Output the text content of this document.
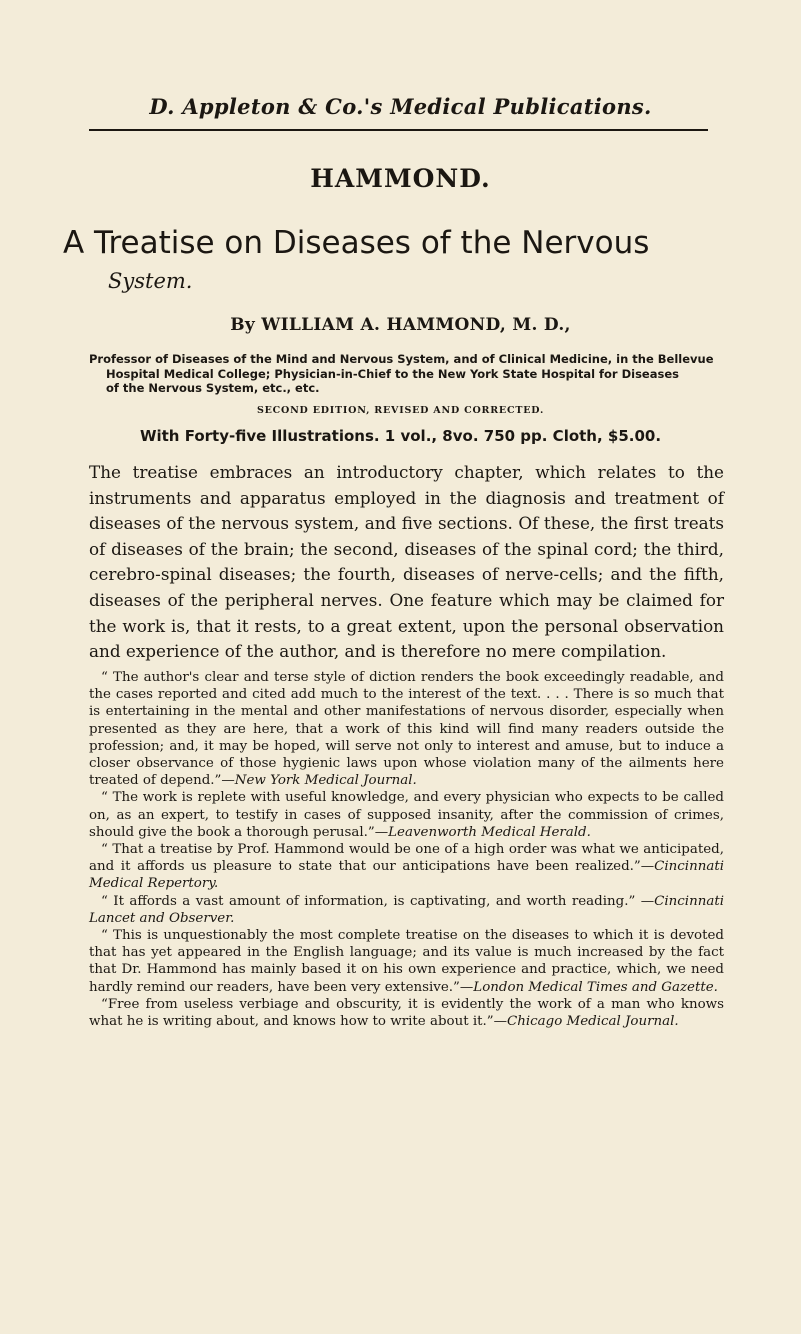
D. Appleton & Co.'s Medical Publications.
HAMMOND.
A Treatise on Diseases of the Nervous
System.
By WILLIAM A. HAMMOND, M. D.,
Professor of Diseases of the Mind and Nervous System, and of Clinical Medicine, in the Bellevue
Hospital Medical College; Physician-in-Chief to the New York State Hospital for Diseases
of the Nervous System, etc., etc.
SECOND EDITION, REVISED AND CORRECTED.
With Forty-five Illustrations. 1 vol., 8vo. 750 pp. Cloth, $5.00.
The treatise embraces an introductory chapter, which relates to the instruments and apparatus employed in the diagnosis and treatment of diseases of the nervous system, and five sections. Of these, the first treats of diseases of the brain; the second, diseases of the spinal cord; the third, cerebro-spinal diseases; the fourth, diseases of nerve-cells; and the fifth, diseases of the peripheral nerves. One feature which may be claimed for the work is, that it rests, to a great extent, upon the personal observation and experience of the author, and is therefore no mere compilation.

“ The author's clear and terse style of diction renders the book exceedingly readable, and the cases reported and cited add much to the interest of the text. . . . There is so much that is entertaining in the mental and other manifestations of nervous disorder, especially when presented as they are here, that a work of this kind will find many readers outside the profession; and, it may be hoped, will serve not only to interest and amuse, but to induce a closer observance of those hygienic laws upon whose violation many of the ailments here treated of depend.”—New York Medical Journal.

“ The work is replete with useful knowledge, and every physician who expects to be called on, as an expert, to testify in cases of supposed insanity, after the commission of crimes, should give the book a thorough perusal.”—Leavenworth Medical Herald.

“ That a treatise by Prof. Hammond would be one of a high order was what we anticipated, and it affords us pleasure to state that our anticipations have been realized.”—Cincinnati Medical Repertory.

“ It affords a vast amount of information, is captivating, and worth reading.” —Cincinnati Lancet and Observer.

“ This is unquestionably the most complete treatise on the diseases to which it is devoted that has yet appeared in the English language; and its value is much increased by the fact that Dr. Hammond has mainly based it on his own experience and practice, which, we need hardly remind our readers, have been very extensive.”—London Medical Times and Gazette.

“Free from useless verbiage and obscurity, it is evidently the work of a man who knows what he is writing about, and knows how to write about it.”—Chicago Medical Journal.
